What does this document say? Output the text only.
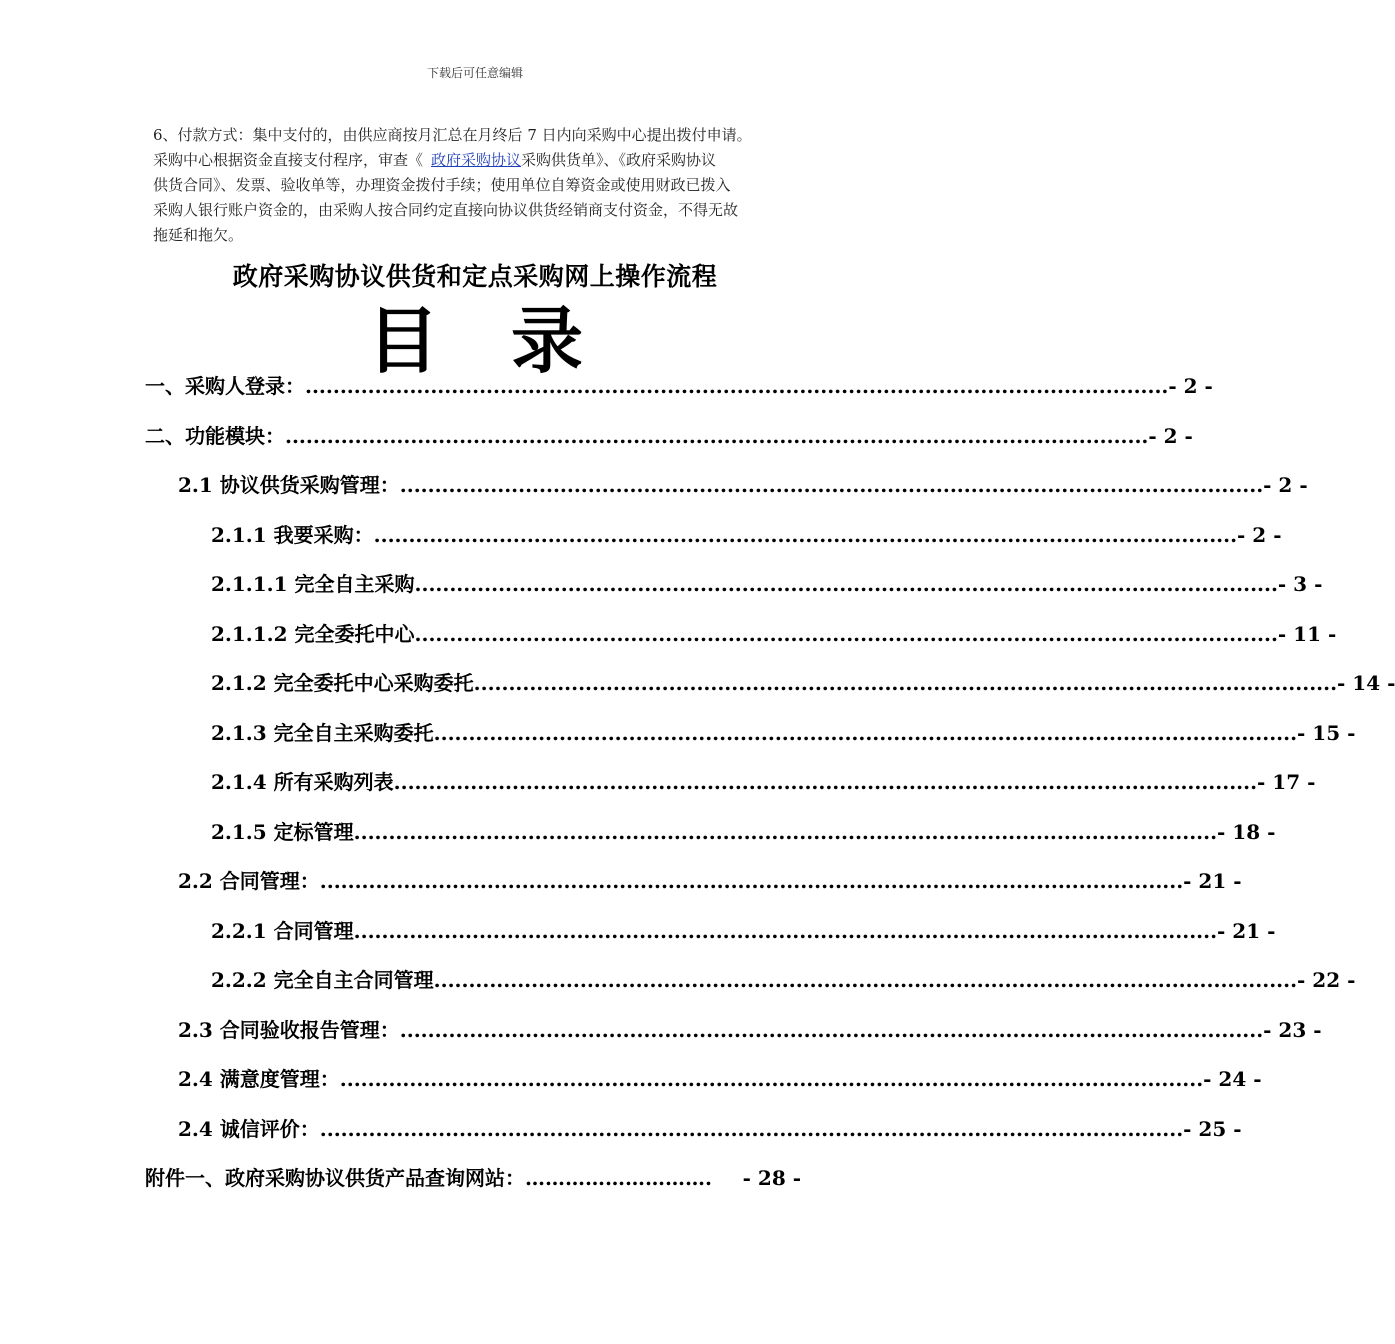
下载后可任意编辑

6、付款方式：集中支付的，由供应商按月汇总在月终后 7 日内向采购中心提出拨付申请。

采购中心根据资金直接支付程序，审查《 政府采购协议采购供货单》、《政府采购协议

供货合同》、发票、验收单等，办理资金拨付手续；使用单位自筹资金或使用财政已拨入

采购人银行账户资金的，由采购人按合同约定直接向协议供货经销商支付资金，不得无故

拖延和拖欠。

政府采购协议供货和定点采购网上操作流程
目 录
一、采购人登录： ............................................................................................................................ - 2 -
二、功能模块： ............................................................................................................................ - 2 -
2.1 协议供货采购管理： ............................................................................................................................ - 2 -
2.1.1 我要采购： ............................................................................................................................ - 2 -
2.1.1.1 完全自主采购 ............................................................................................................................ - 3 -
2.1.1.2 完全委托中心 ............................................................................................................................ - 11 -
2.1.2 完全委托中心采购委托 ............................................................................................................................ - 14 -
2.1.3 完全自主采购委托 ............................................................................................................................ - 15 -
2.1.4 所有采购列表 ............................................................................................................................ - 17 -
2.1.5 定标管理 ............................................................................................................................ - 18 -
2.2 合同管理： ............................................................................................................................ - 21 -
2.2.1 合同管理 ............................................................................................................................ - 21 -
2.2.2 完全自主合同管理 ............................................................................................................................ - 22 -
2.3 合同验收报告管理： ............................................................................................................................ - 23 -
2.4 满意度管理： ............................................................................................................................ - 24 -
2.4 诚信评价： ............................................................................................................................ - 25 -
附件一、政府采购协议供货产品查询网站： ……………………….	- 28 -
